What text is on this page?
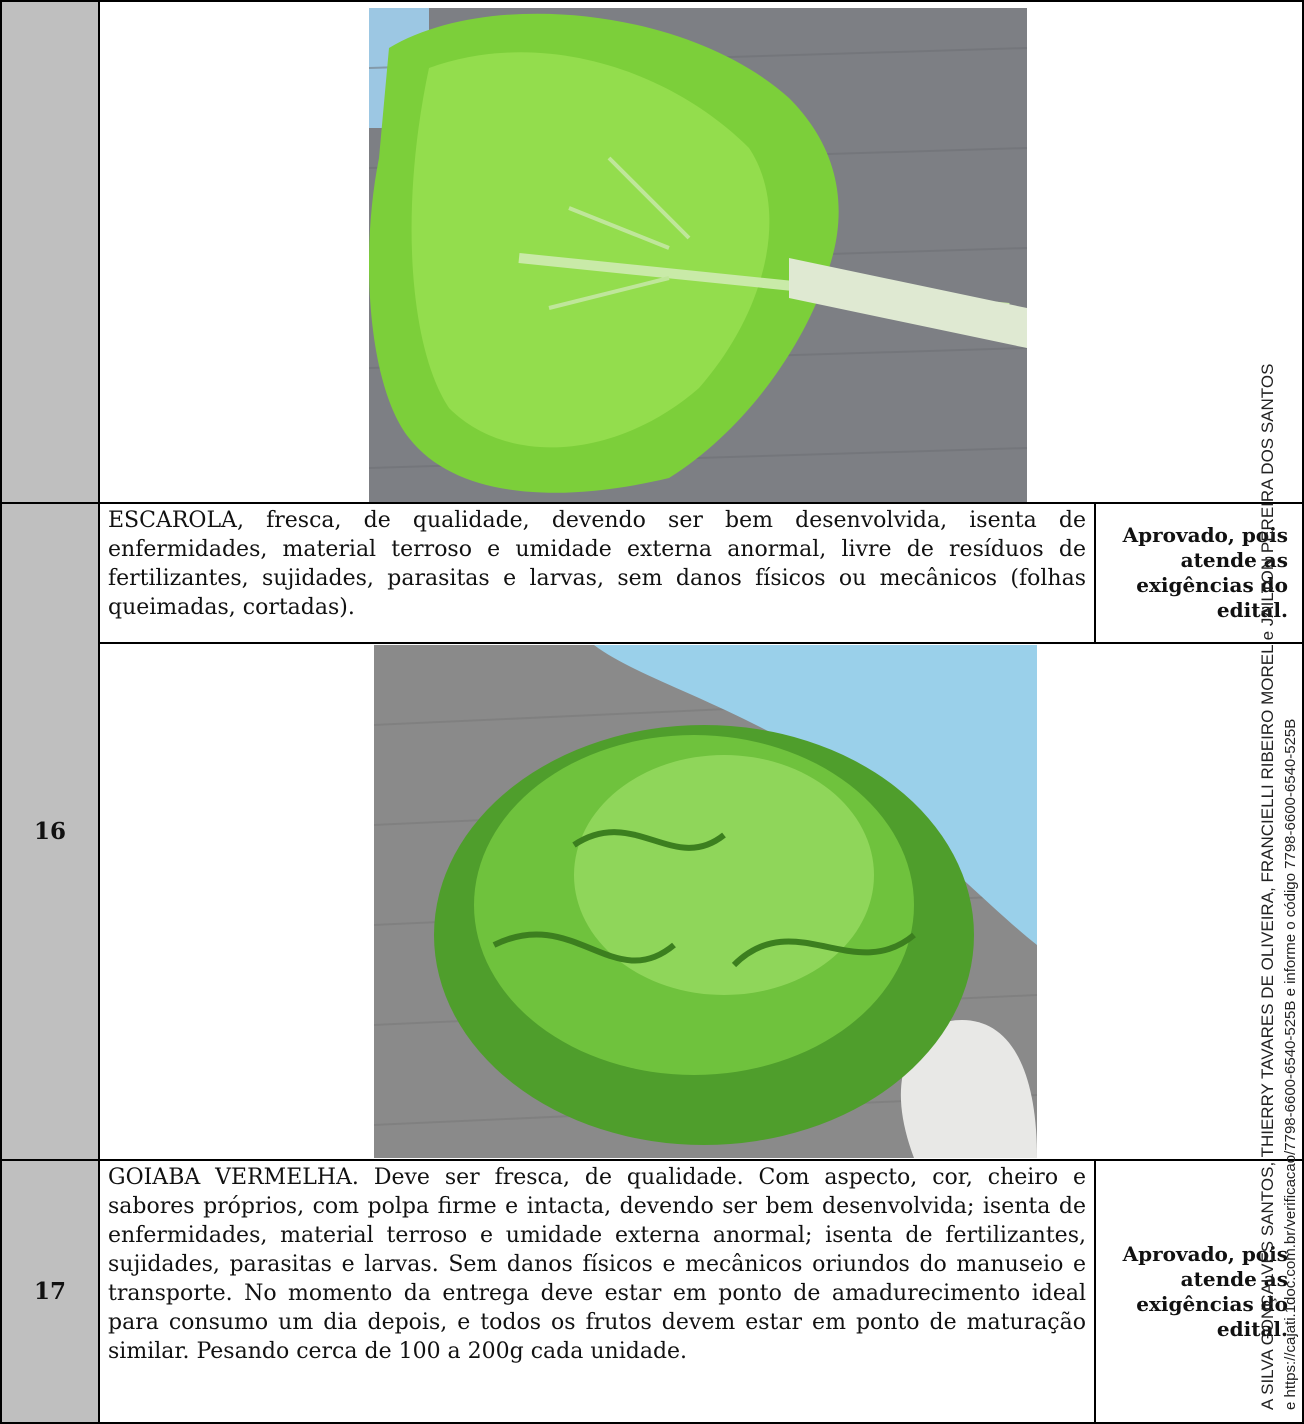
16
ESCAROLA, fresca, de qualidade, devendo ser bem desenvolvida, isenta de enfermidades, material terroso e umidade externa anormal, livre de resíduos de fertilizantes, sujidades, parasitas e larvas, sem danos físicos ou mecânicos (folhas queimadas, cortadas).
Aprovado, pois
atende as
exigências do
edital.
17
GOIABA VERMELHA. Deve ser fresca, de qualidade. Com aspecto, cor, cheiro e sabores próprios, com polpa firme e intacta, devendo ser bem desenvolvida; isenta de enfermidades, material terroso e umidade externa anormal; isenta de fertilizantes, sujidades, parasitas e larvas. Sem danos físicos e mecânicos oriundos do manuseio e transporte. No momento da entrega deve estar em ponto de amadurecimento ideal para consumo um dia depois, e todos os frutos devem estar em ponto de maturação similar. Pesando cerca de 100 a 200g cada unidade.
Aprovado, pois
atende as
exigências do
edital.
A SILVA GONÇALVES SANTOS, THIERRY TAVARES DE OLIVEIRA, FRANCIELLI RIBEIRO MOREL e JAILTON PEREIRA DOS SANTOS e https://cajati.1doc.com.br/verificacao/7798-6600-6540-525B e informe o código 7798-6600-6540-525B
